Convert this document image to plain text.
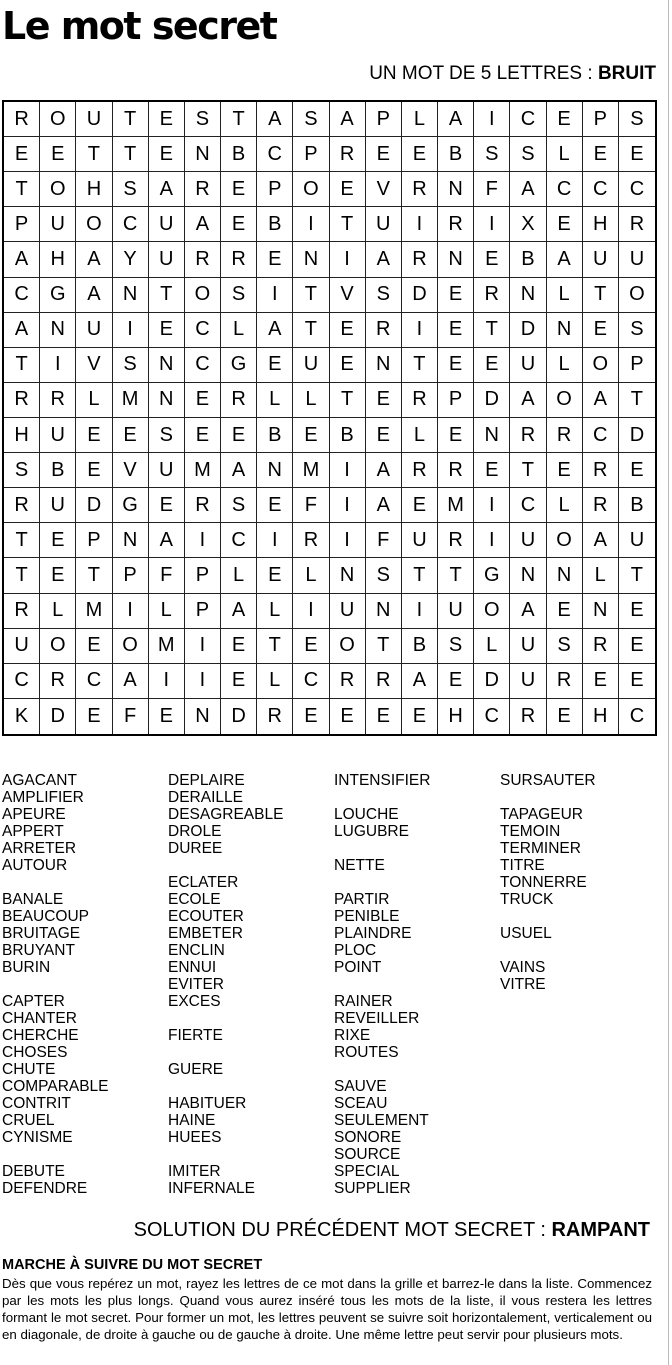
Le mot secret
UN MOT DE 5 LETTRES : BRUIT
R	O	U	T	E	S	T	A	S	A	P	L	A	I	C	E	P	S
E	E	T	T	E	N	B	C	P	R	E	E	B	S	S	L	E	E
T	O	H	S	A	R	E	P	O	E	V	R	N	F	A	C	C	C
P	U	O	C	U	A	E	B	I	T	U	I	R	I	X	E	H	R
A	H	A	Y	U	R	R	E	N	I	A	R	N	E	B	A	U	U
C	G	A	N	T	O	S	I	T	V	S	D	E	R	N	L	T	O
A	N	U	I	E	C	L	A	T	E	R	I	E	T	D	N	E	S
T	I	V	S	N	C	G	E	U	E	N	T	E	E	U	L	O	P
R	R	L	M	N	E	R	L	L	T	E	R	P	D	A	O	A	T
H	U	E	E	S	E	E	B	E	B	E	L	E	N	R	R	C	D
S	B	E	V	U	M	A	N	M	I	A	R	R	E	T	E	R	E
R	U	D	G	E	R	S	E	F	I	A	E	M	I	C	L	R	B
T	E	P	N	A	I	C	I	R	I	F	U	R	I	U	O	A	U
T	E	T	P	F	P	L	E	L	N	S	T	T	G	N	N	L	T
R	L	M	I	L	P	A	L	I	U	N	I	U	O	A	E	N	E
U	O	E	O	M	I	E	T	E	O	T	B	S	L	U	S	R	E
C	R	C	A	I	I	E	L	C	R	R	A	E	D	U	R	E	E
K	D	E	F	E	N	D	R	E	E	E	E	H	C	R	E	H	C
AGACANT
AMPLIFIER
APEURE
APPERT
ARRETER
AUTOUR
BANALE
BEAUCOUP
BRUITAGE
BRUYANT
BURIN
CAPTER
CHANTER
CHERCHE
CHOSES
CHUTE
COMPARABLE
CONTRIT
CRUEL
CYNISME
DEBUTE
DEFENDRE
DEPLAIRE
DERAILLE
DESAGREABLE
DROLE
DUREE
ECLATER
ECOLE
ECOUTER
EMBETER
ENCLIN
ENNUI
EVITER
EXCES
FIERTE
GUERE
HABITUER
HAINE
HUEES
IMITER
INFERNALE
INTENSIFIER
LOUCHE
LUGUBRE
NETTE
PARTIR
PENIBLE
PLAINDRE
PLOC
POINT
RAINER
REVEILLER
RIXE
ROUTES
SAUVE
SCEAU
SEULEMENT
SONORE
SOURCE
SPECIAL
SUPPLIER
SURSAUTER
TAPAGEUR
TEMOIN
TERMINER
TITRE
TONNERRE
TRUCK
USUEL
VAINS
VITRE
SOLUTION DU PRÉCÉDENT MOT SECRET : RAMPANT
MARCHE À SUIVRE DU MOT SECRET
Dès que vous repérez un mot, rayez les lettres de ce mot dans la grille et barrez-le dans la liste. Commencez par les mots les plus longs. Quand vous aurez inséré tous les mots de la liste, il vous restera les lettres formant le mot secret. Pour former un mot, les lettres peuvent se suivre soit horizontalement, verticalement ou en diagonale, de droite à gauche ou de gauche à droite. Une même lettre peut servir pour plusieurs mots.
